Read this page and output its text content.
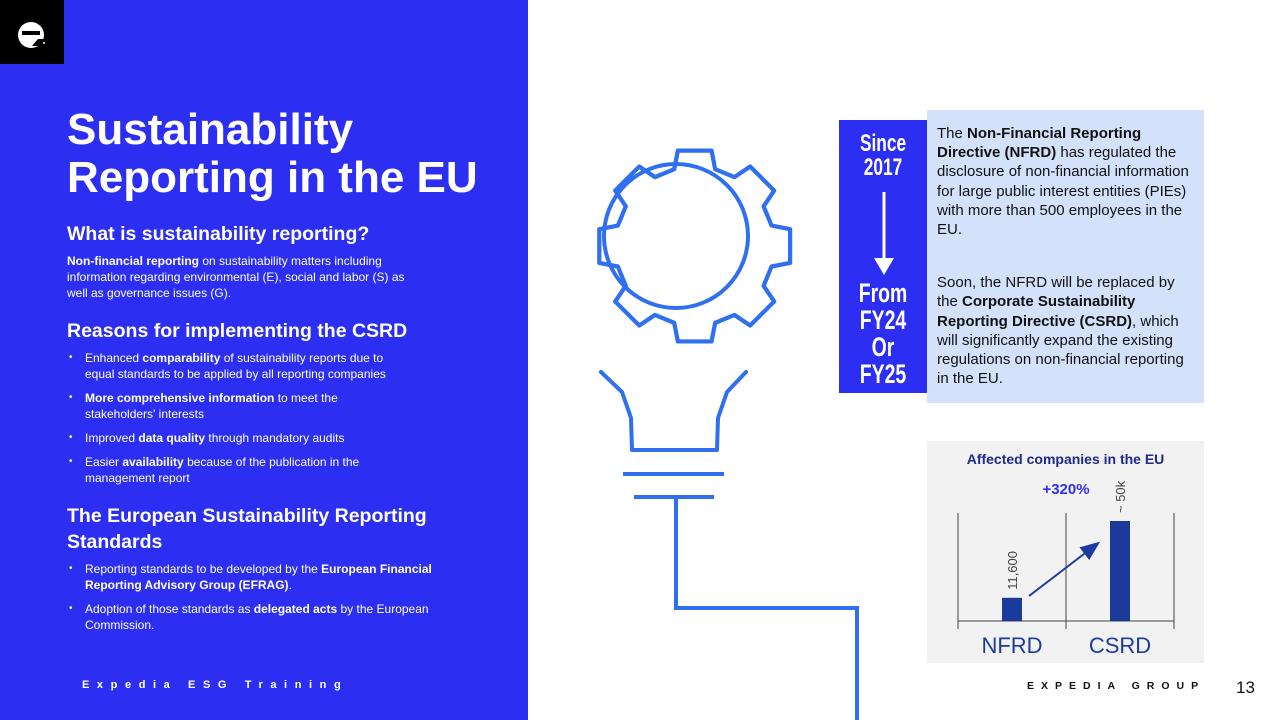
Sustainability
Reporting in the EU
What is sustainability reporting?
Non-financial reporting on sustainability matters including
information regarding environmental (E), social and labor (S) as
well as governance issues (G).
Reasons for implementing the CSRD
• Enhanced comparability of sustainability reports due to
equal standards to be applied by all reporting companies
• More comprehensive information to meet the
stakeholders' interests
• Improved data quality through mandatory audits
• Easier availability because of the publication in the
management report
The European Sustainability Reporting
Standards
• Reporting standards to be developed by the European Financial
Reporting Advisory Group (EFRAG).
• Adoption of those standards as delegated acts by the European
Commission.
Expedia ESG Training
Since
2017
From
FY24
Or
FY25

The Non-Financial Reporting Directive (NFRD) has regulated the disclosure of non-financial information for large public interest entities (PIEs) with more than 500 employees in the EU.

Soon, the NFRD will be replaced by the Corporate Sustainability Reporting Directive (CSRD), which will significantly expand the existing regulations on non-financial reporting in the EU.

Affected companies in the EU
+320%
11,600
NFRD
~ 50k
CSRD
EXPEDIA GROUP 13
